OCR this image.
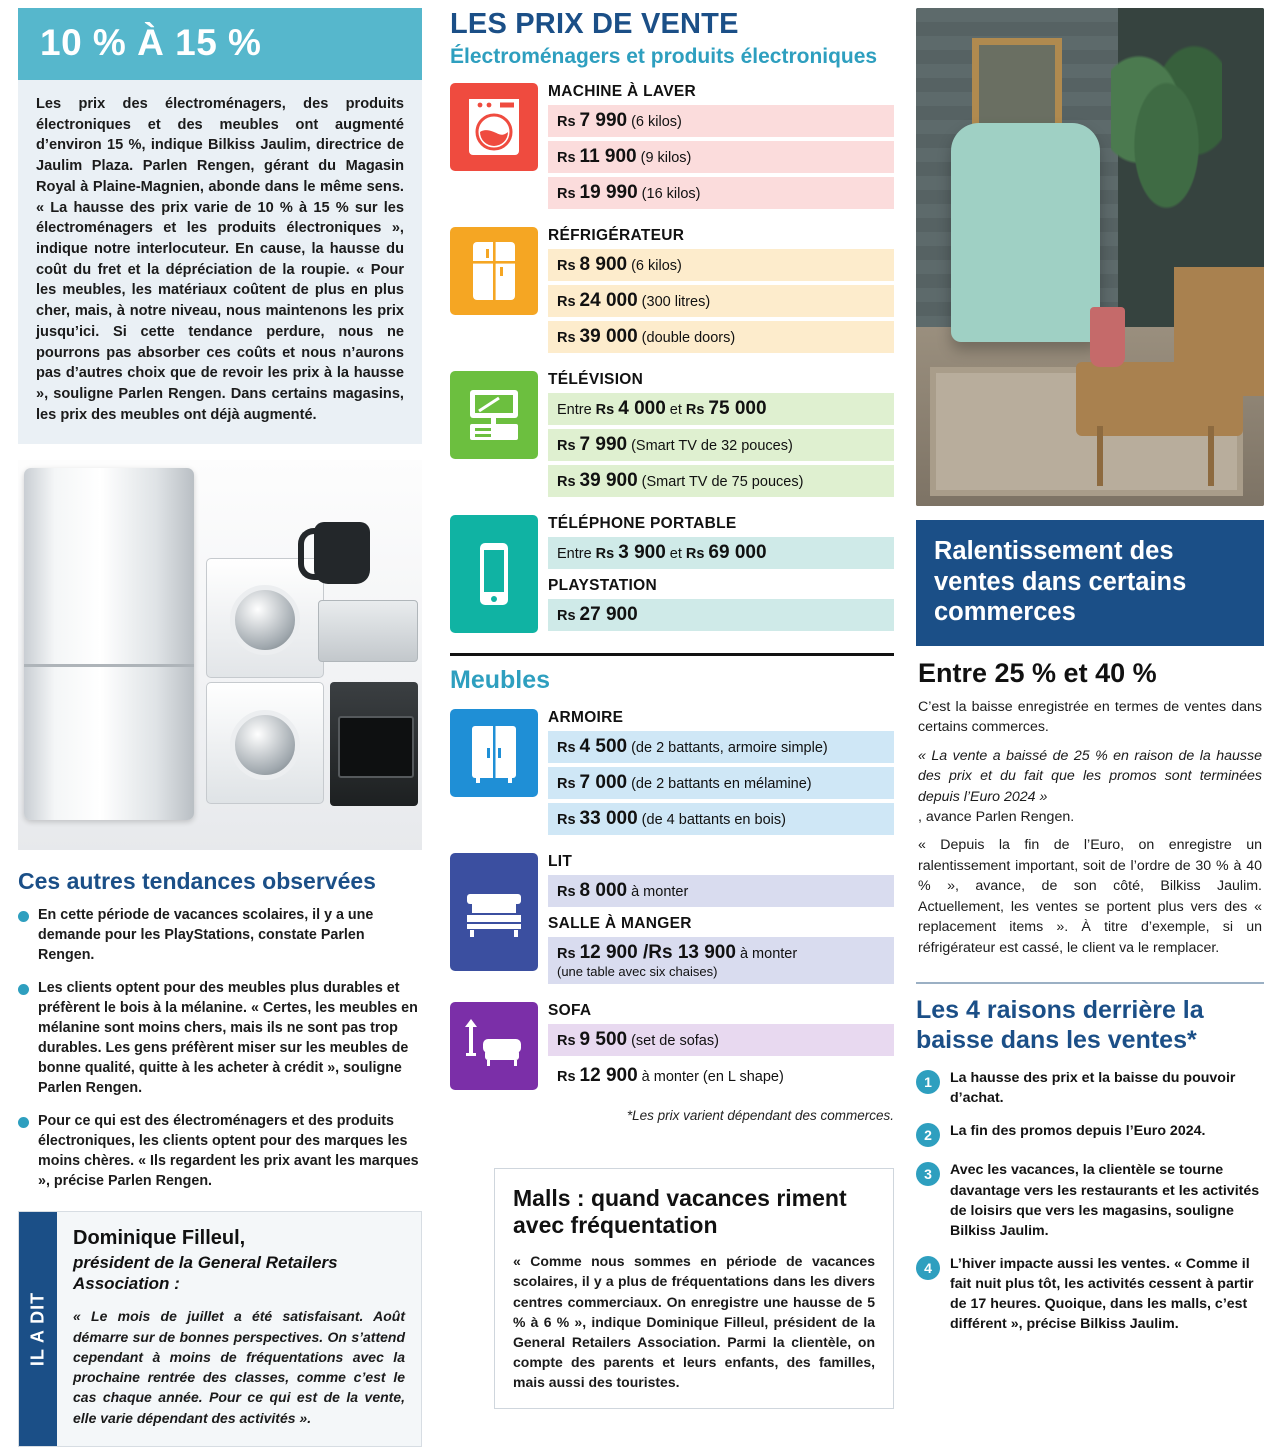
10 % À 15 %
Les prix des électroménagers, des produits électroniques et des meubles ont augmenté d’environ 15 %, indique Bilkiss Jaulim, directrice de Jaulim Plaza. Parlen Rengen, gérant du Magasin Royal à Plaine-Magnien, abonde dans le même sens. « La hausse des prix varie de 10 % à 15 % sur les électroménagers et les produits électroniques », indique notre interlocuteur. En cause, la hausse du coût du fret et la dépréciation de la roupie. « Pour les meubles, les matériaux coûtent de plus en plus cher, mais, à notre niveau, nous maintenons les prix jusqu’ici. Si cette tendance perdure, nous ne pourrons pas absorber ces coûts et nous n’aurons pas d’autres choix que de revoir les prix à la hausse », souligne Parlen Rengen. Dans certains magasins, les prix des meubles ont déjà augmenté.
Ces autres tendances observées
En cette période de vacances scolaires, il y a une demande pour les PlayStations, constate Parlen Rengen.
Les clients optent pour des meubles plus durables et préfèrent le bois à la mélanine. « Certes, les meubles en mélanine sont moins chers, mais ils ne sont pas trop durables. Les gens préfèrent miser sur les meubles de bonne qualité, quitte à les acheter à crédit », souligne Parlen Rengen.
Pour ce qui est des électroménagers et des produits électroniques, les clients optent pour des marques les moins chères. « Ils regardent les prix avant les marques », précise Parlen Rengen.
IL A DIT
Dominique Filleul,
président de la General Retailers Association :
« Le mois de juillet a été satisfaisant. Août démarre sur de bonnes perspectives. On s’attend cependant à moins de fréquentations avec la prochaine rentrée des classes, comme c’est le cas chaque année. Pour ce qui est de la vente, elle varie dépendant des activités ».
LES PRIX DE VENTE
Électroménagers et produits électroniques
MACHINE À LAVER
Rs 7 990 (6 kilos)
Rs 11 900 (9 kilos)
Rs 19 990 (16 kilos)
RÉFRIGÉRATEUR
Rs 8 900 (6 kilos)
Rs 24 000 (300 litres)
Rs 39 000 (double doors)
TÉLÉVISION
Entre Rs 4 000 et Rs 75 000
Rs 7 990 (Smart TV de 32 pouces)
Rs 39 900 (Smart TV de 75 pouces)
TÉLÉPHONE PORTABLE
Entre Rs 3 900 et Rs 69 000
PLAYSTATION
Rs 27 900
Meubles
ARMOIRE
Rs 4 500 (de 2 battants, armoire simple)
Rs 7 000 (de 2 battants en mélamine)
Rs 33 000 (de 4 battants en bois)
LIT
Rs 8 000 à monter
SALLE À MANGER
Rs 12 900 /Rs 13 900 à monter
(une table avec six chaises)
SOFA
Rs 9 500 (set de sofas)
Rs 12 900 à monter (en L shape)
*Les prix varient dépendant des commerces.
Ralentissement des ventes dans certains commerces
Entre 25 % et 40 %
C’est la baisse enregistrée en termes de ventes dans certains commerces.
« La vente a baissé de 25 % en raison de la hausse des prix et du fait que les promos sont terminées depuis l’Euro 2024 »
, avance Parlen Rengen.
« Depuis la fin de l’Euro, on enregistre un ralentissement important, soit de l’ordre de 30 % à 40 % », avance, de son côté, Bilkiss Jaulim. Actuellement, les ventes se portent plus vers des « replacement items ». À titre d’exemple, si un réfrigérateur est cassé, le client va le remplacer.
Les 4 raisons derrière la baisse dans les ventes*
1	La hausse des prix et la baisse du pouvoir d’achat.
2	La fin des promos depuis l’Euro 2024.
3	Avec les vacances, la clientèle se tourne davantage vers les restaurants et les activités de loisirs que vers les magasins, souligne Bilkiss Jaulim.
4	L’hiver impacte aussi les ventes. « Comme il fait nuit plus tôt, les activités cessent à partir de 17 heures. Quoique, dans les malls, c’est différent », précise Bilkiss Jaulim.
Malls : quand vacances riment avec fréquentation
« Comme nous sommes en période de vacances scolaires, il y a plus de fréquentations dans les divers centres commerciaux. On enregistre une hausse de 5 % à 6 % », indique Dominique Filleul, président de la General Retailers Association. Parmi la clientèle, on compte des parents et leurs enfants, des familles, mais aussi des touristes.
